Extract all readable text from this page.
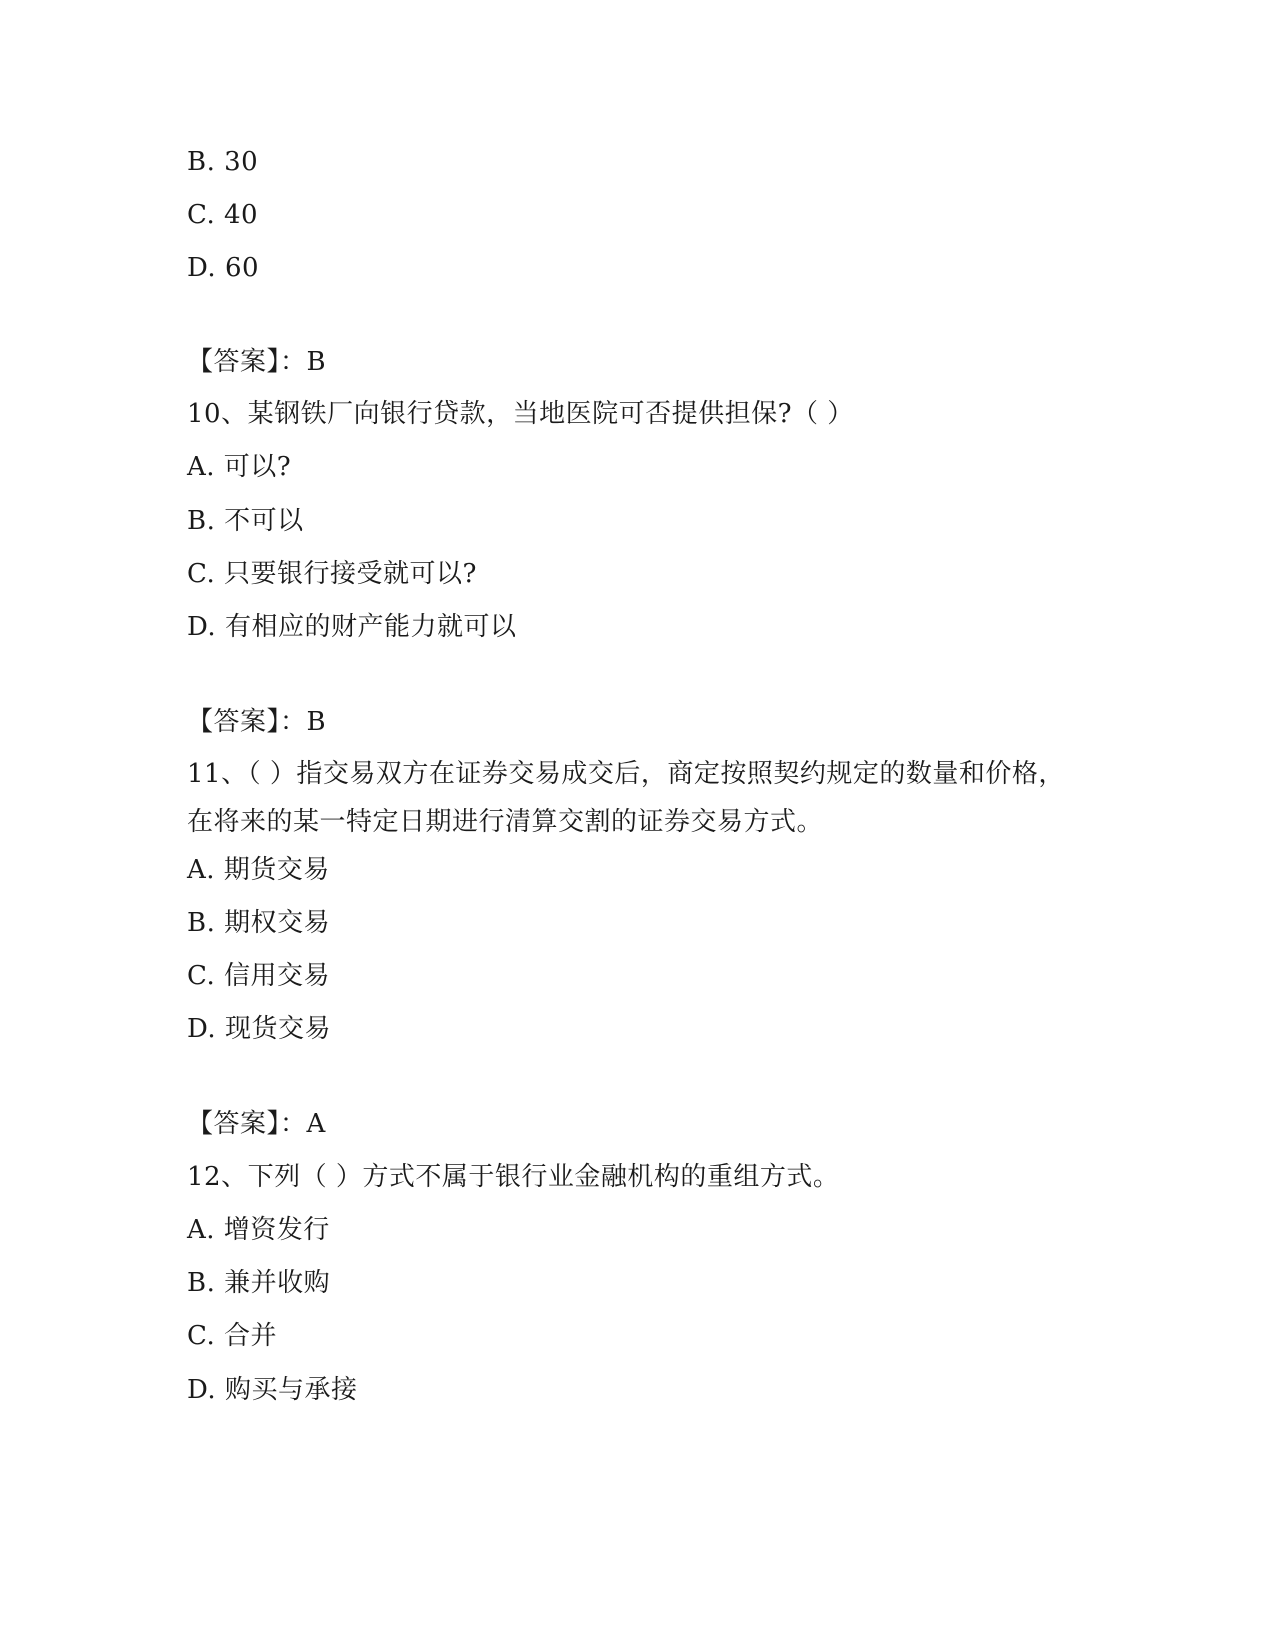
B. 30
C. 40
D. 60
【答案】：B
10、某钢铁厂向银行贷款，当地医院可否提供担保?（ ）
A. 可以?
B. 不可以
C. 只要银行接受就可以?
D. 有相应的财产能力就可以
【答案】：B
11、（ ）指交易双方在证券交易成交后，商定按照契约规定的数量和价格，在将来的某一特定日期进行清算交割的证券交易方式。
A. 期货交易
B. 期权交易
C. 信用交易
D. 现货交易
【答案】：A
12、下列（ ）方式不属于银行业金融机构的重组方式。
A. 增资发行
B. 兼并收购
C. 合并
D. 购买与承接
